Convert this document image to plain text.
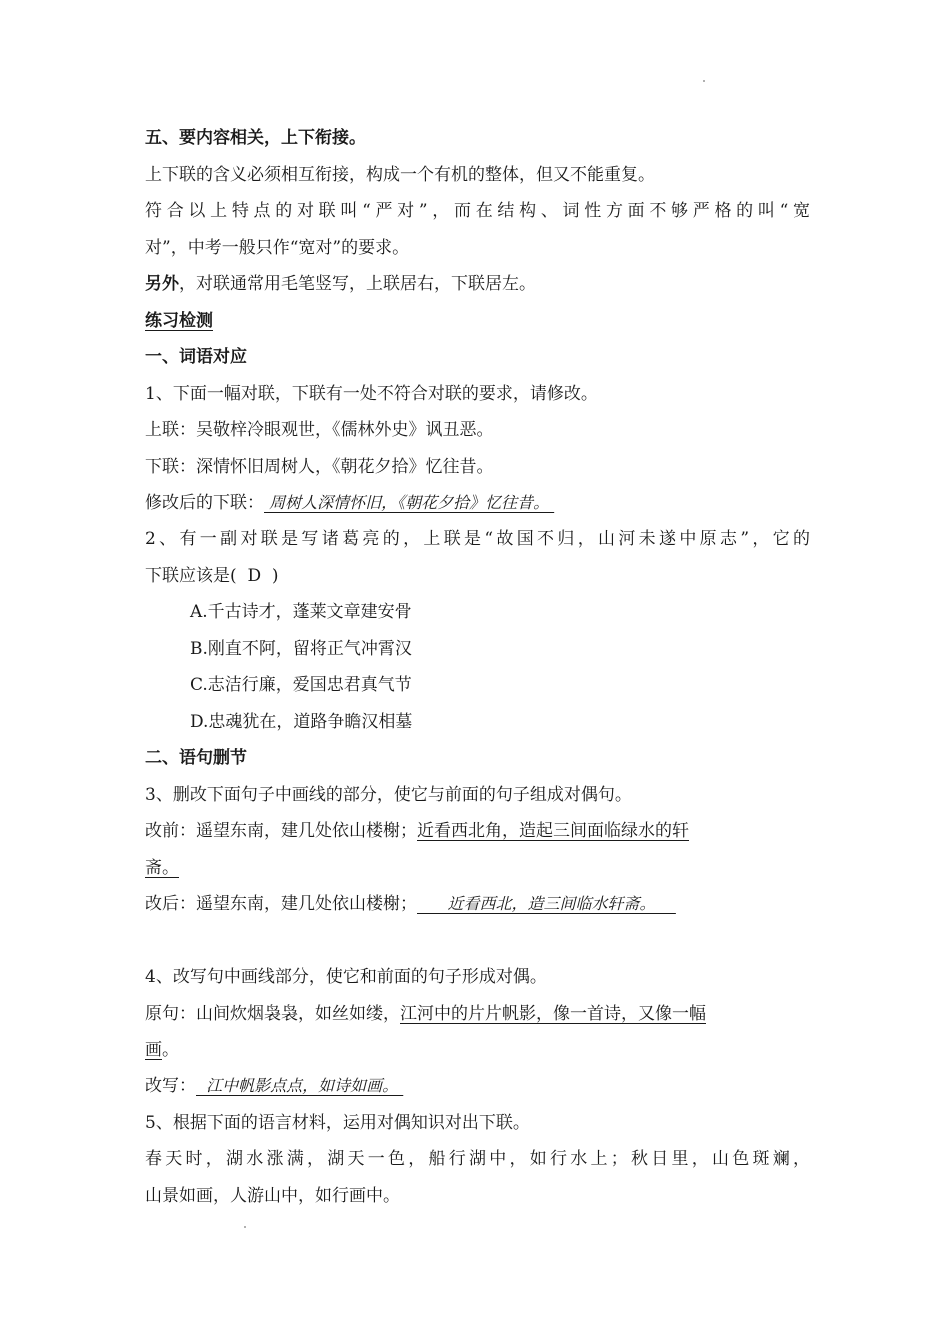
五、要内容相关，上下衔接。
上下联的含义必须相互衔接，构成一个有机的整体，但又不能重复。
符合以上特点的对联叫“严对”，而在结构、词性方面不够严格的叫“宽
对”，中考一般只作“宽对”的要求。
另外，对联通常用毛笔竖写，上联居右，下联居左。
练习检测
一、词语对应
1、下面一幅对联，下联有一处不符合对联的要求，请修改。
上联：吴敬梓冷眼观世，《儒林外史》讽丑恶。
下联：深情怀旧周树人，《朝花夕拾》忆往昔。
修改后的下联： 周树人深情怀旧，《朝花夕拾》忆往昔。
2、有一副对联是写诸葛亮的，上联是“故国不归，山河未遂中原志”，它的
下联应该是(  D  )
A.千古诗才，蓬莱文章建安骨
B.刚直不阿，留将正气冲霄汉
C.志洁行廉，爱国忠君真气节
D.忠魂犹在，道路争瞻汉相墓
二、语句删节
3、删改下面句子中画线的部分，使它与前面的句子组成对偶句。
改前：遥望东南，建几处依山楼榭；近看西北角，造起三间面临绿水的轩
斋。
改后：遥望东南，建几处依山楼榭；      近看西北，造三间临水轩斋。
4、改写句中画线部分，使它和前面的句子形成对偶。
原句：山间炊烟袅袅，如丝如缕，江河中的片片帆影，像一首诗，又像一幅
画。
改写：  江中帆影点点，如诗如画。
5、根据下面的语言材料，运用对偶知识对出下联。
春天时，湖水涨满，湖天一色，船行湖中，如行水上；秋日里，山色斑斓，
山景如画，人游山中，如行画中。
